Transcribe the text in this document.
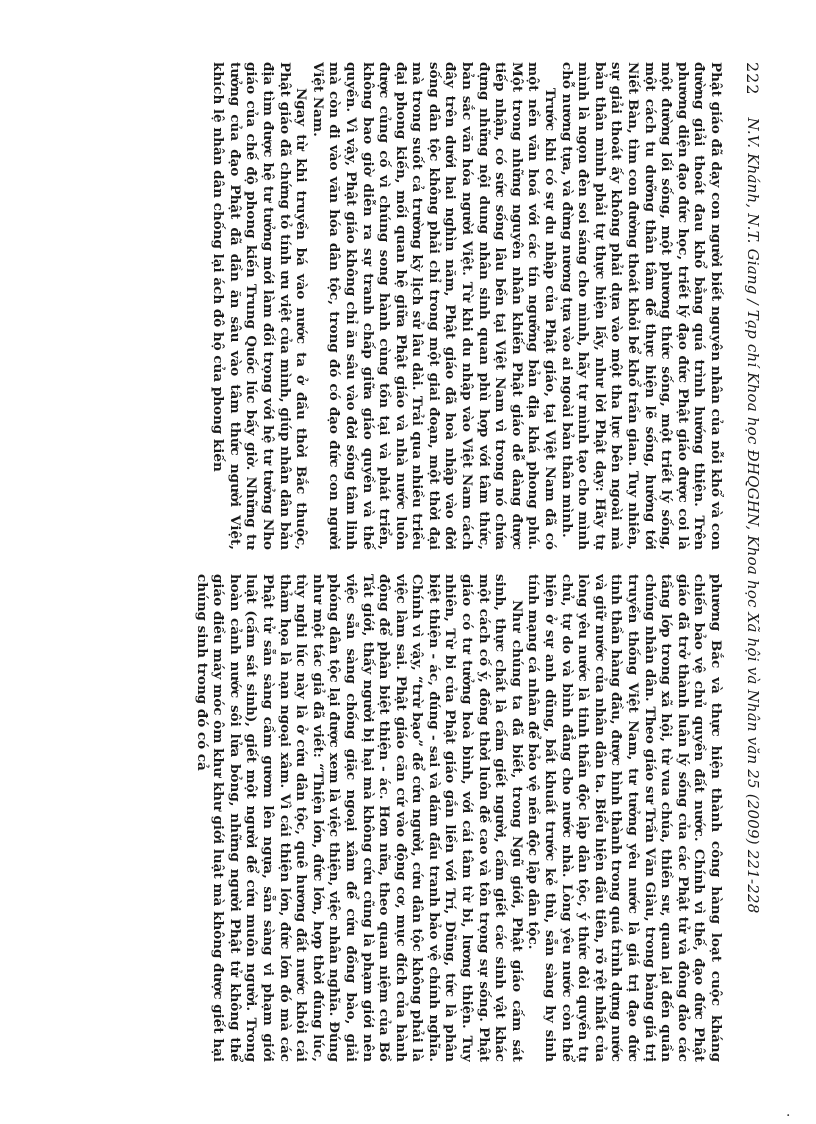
222
N.V. Khánh, N.T. Giang / Tạp chí Khoa học ĐHQGHN, Khoa học Xã hội và Nhân văn 25 (2009) 221-228

Phật giáo đã dạy con người biết nguyên nhân của nỗi khổ và con đường giải thoát đau khổ bằng quá trình hướng thiện. Trên phương diện đạo đức học, triết lý đạo đức Phật giáo được coi là một đường lối sống, một phương thức sống, một triết lý sống, một cách tu dưỡng thân tâm để thực hiện lẽ sống, hướng tới Niết Bàn, tìm con đường thoát khỏi bể khổ trần gian. Tuy nhiên, sự giải thoát ấy không phải dựa vào một tha lực bên ngoài mà bản thân mình phải tự thực hiện lấy, như lời Phật dạy: Hãy tự mình là ngọn đèn soi sáng cho mình, hãy tự mình tạo cho mình chỗ nương tựa, và đừng nương tựa vào ai ngoài bản thân mình.

Trước khi có sự du nhập của Phật giáo, tại Việt Nam đã có một nền văn hoá với các tín ngưỡng bản địa khá phong phú. Một trong những nguyên nhân khiến Phật giáo dễ dàng được tiếp nhận, có sức sống lâu bền tại Việt Nam vì trong nó chứa đựng những nội dung nhân sinh quan phù hợp với tâm thức, bản sắc văn hóa người Việt. Từ khi du nhập vào Việt Nam cách đây trên dưới hai nghìn năm, Phật giáo đã hoà nhập vào đời sống dân tộc không phải chỉ trong một giai đoạn, một thời đại mà trong suốt cả trường kỳ lịch sử lâu dài. Trải qua nhiều triều đại phong kiến, mối quan hệ giữa Phật giáo và nhà nước luôn được củng cố vì chúng song hành cùng tồn tại và phát triển, không bao giờ diễn ra sự tranh chấp giữa giáo quyền và thế quyền. Vì vậy, Phật giáo không chỉ ăn sâu vào đời sống tâm linh mà còn đi vào văn hóa dân tộc, trong đó có đạo đức con người Việt Nam.

Ngay từ khi truyền bá vào nước ta ở đầu thời Bắc thuộc, Phật giáo đã chứng tỏ tính ưu việt của mình, giúp nhân dân bản địa tìm được hệ tư tưởng mới làm đối trọng với hệ tư tưởng Nho giáo của chế độ phong kiến Trung Quốc lúc bấy giờ. Những tư tưởng của đạo Phật đã dần ăn sâu vào tâm thức người Việt, khích lệ nhân dân chống lại ách đô hộ của phong kiến

phương Bắc và thực hiện thành công hàng loạt cuộc kháng chiến bảo vệ chủ quyền đất nước. Chính vì thế, đạo đức Phật giáo đã trở thành luân lý sống của các Phật tử và đông đảo các tầng lớp trong xã hội, từ vua chúa, thiền sư, quan lại đến quần chúng nhân dân. Theo giáo sư Trần Văn Giàu, trong bảng giá trị truyền thống Việt Nam, tư tưởng yêu nước là giá trị đạo đức tinh thần hàng đầu, được hình thành trong quá trình dựng nước và giữ nước của nhân dân ta. Biểu hiện đầu tiên, rõ rệt nhất của lòng yêu nước là tinh thần độc lập dân tộc, ý thức đòi quyền tự chủ, tự do và bình đẳng cho nước nhà. Lòng yêu nước còn thể hiện ở sự anh dũng, bất khuất trước kẻ thù, sẵn sàng hy sinh tính mạng cá nhân để bảo vệ nền độc lập dân tộc.

Như chúng ta đã biết, trong Ngũ giới, Phật giáo cấm sát sinh, thực chất là cấm giết người, cấm giết các sinh vật khác một cách cố ý, đồng thời luôn đề cao và tôn trọng sự sống. Phật giáo có tư tưởng hoà bình, với cái tâm từ bi, lương thiện. Tuy nhiên, Từ bi của Phật giáo gắn liền với Trí, Dũng, tức là phân biệt thiện - ác, đúng - sai và dám đấu tranh bảo vệ chính nghĩa. Chính vì vậy, “trừ bạo” để cứu người, cứu dân tộc không phải là việc làm sai. Phật giáo căn cứ vào động cơ, mục đích của hành động để phân biệt thiện - ác. Hơn nữa, theo quan niệm của Bồ Tát giới, thấy người bị hại mà không cứu cũng là phạm giới nên việc sẵn sàng chống giặc ngoại xâm để cứu đồng bào, giải phóng dân tộc lại được xem là việc thiện, việc nhân nghĩa. Đúng như một tác giả đã viết: “Thiện lớn, đức lớn, hợp thời đúng lúc, tùy nghi lúc này là ở cứu dân tộc, quê hương đất nước khỏi cái thảm họa là nạn ngoại xâm. Vì cái thiện lớn, đức lớn đó mà các Phật tử sẵn sàng cầm gươm lên ngựa, sẵn sàng vi phạm giới luật (cấm sát sinh), giết một người để cứu muôn người. Trong hoàn cảnh nước sôi lửa bỏng, những người Phật tử không thể giáo điều máy móc ôm khư khư giới luật mà không được giết hại chúng sinh trong đó có cả

·
